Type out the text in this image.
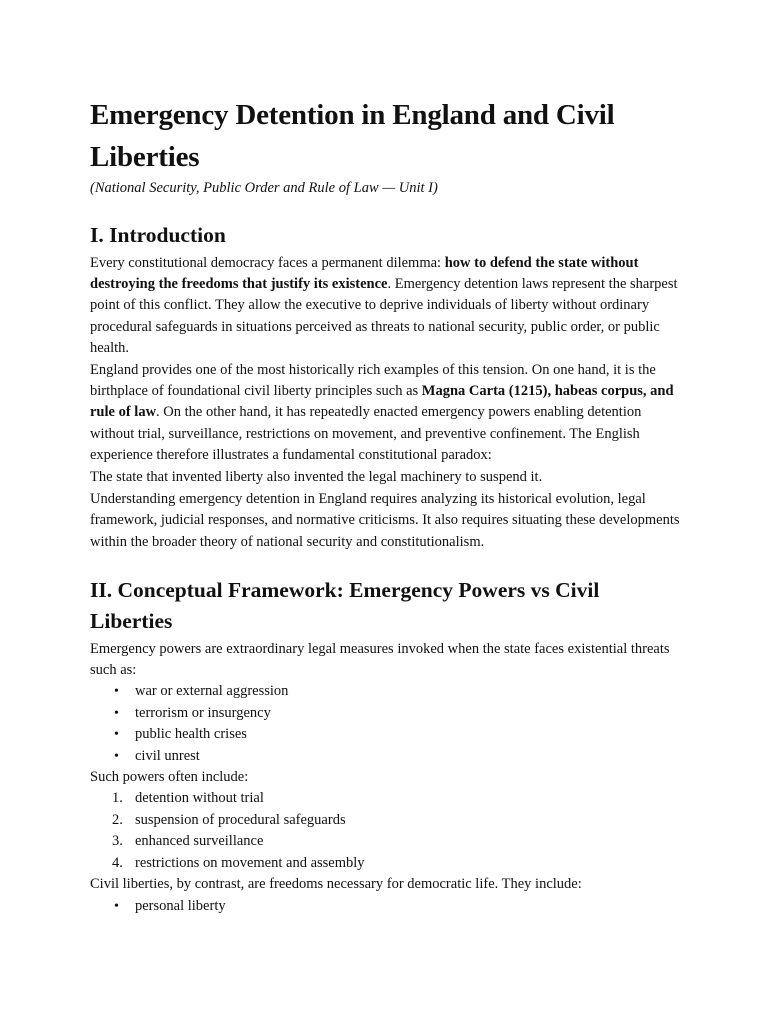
Emergency Detention in England and Civil Liberties

(National Security, Public Order and Rule of Law — Unit I)

I. Introduction

Every constitutional democracy faces a permanent dilemma: how to defend the state without destroying the freedoms that justify its existence. Emergency detention laws represent the sharpest point of this conflict. They allow the executive to deprive individuals of liberty without ordinary procedural safeguards in situations perceived as threats to national security, public order, or public health.

England provides one of the most historically rich examples of this tension. On one hand, it is the birthplace of foundational civil liberty principles such as Magna Carta (1215), habeas corpus, and rule of law. On the other hand, it has repeatedly enacted emergency powers enabling detention without trial, surveillance, restrictions on movement, and preventive confinement. The English experience therefore illustrates a fundamental constitutional paradox:

The state that invented liberty also invented the legal machinery to suspend it.

Understanding emergency detention in England requires analyzing its historical evolution, legal framework, judicial responses, and normative criticisms. It also requires situating these developments within the broader theory of national security and constitutionalism.

II. Conceptual Framework: Emergency Powers vs Civil Liberties

Emergency powers are extraordinary legal measures invoked when the state faces existential threats such as:

• war or external aggression
• terrorism or insurgency
• public health crises
• civil unrest

Such powers often include:

1. detention without trial
2. suspension of procedural safeguards
3. enhanced surveillance
4. restrictions on movement and assembly

Civil liberties, by contrast, are freedoms necessary for democratic life. They include:

• personal liberty
